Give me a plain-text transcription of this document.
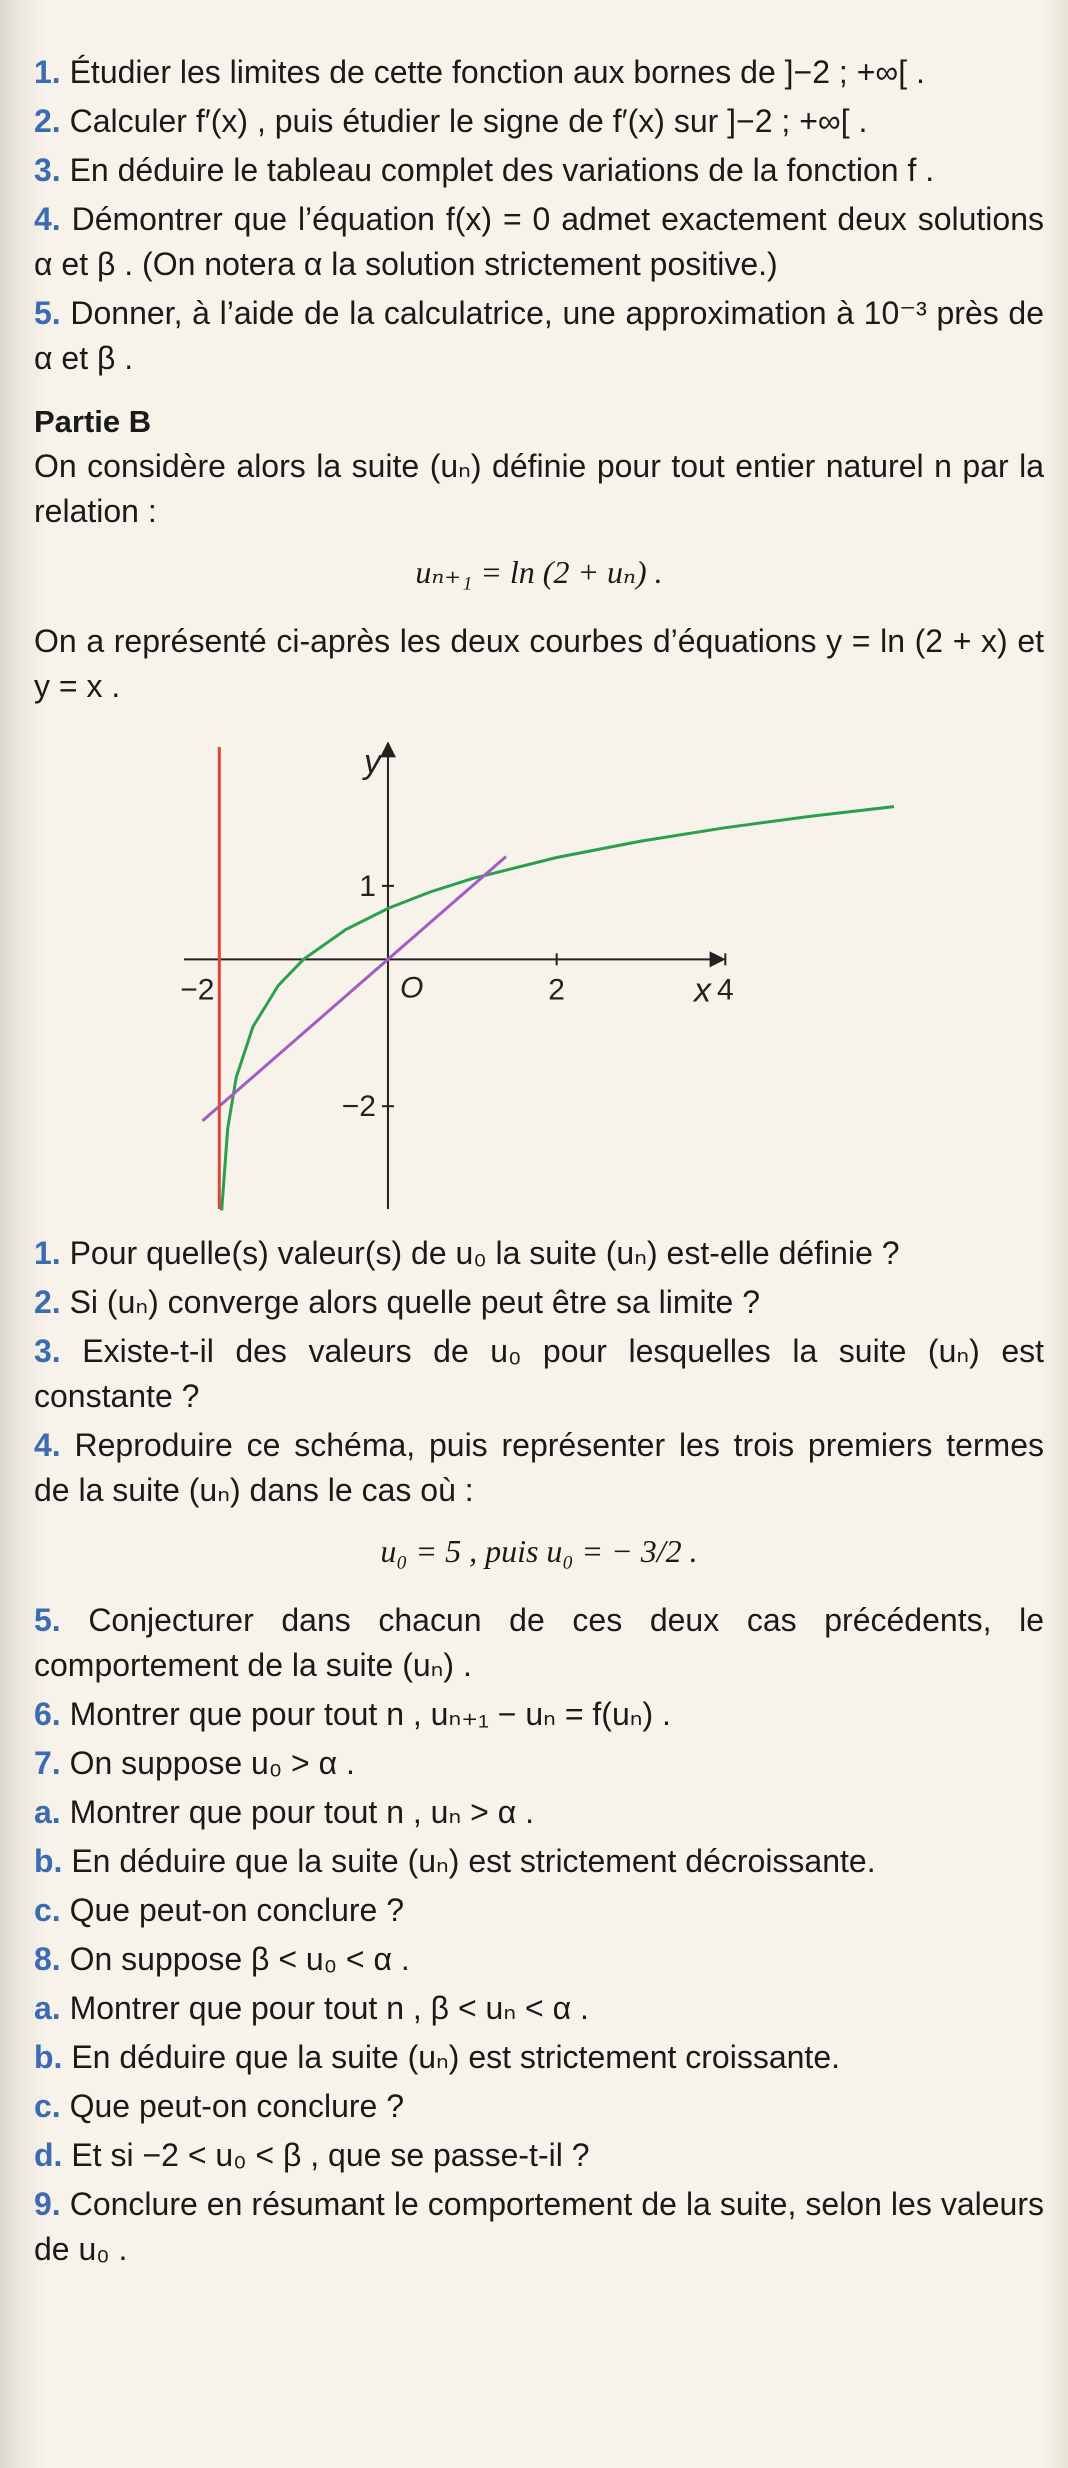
1. Étudier les limites de cette fonction aux bornes de ]−2 ; +∞[ .

2. Calculer f′(x) , puis étudier le signe de f′(x) sur ]−2 ; +∞[ .

3. En déduire le tableau complet des variations de la fonction f .

4. Démontrer que l’équation f(x) = 0 admet exactement deux solutions α et β . (On notera α la solution strictement positive.)

5. Donner, à l’aide de la calculatrice, une approximation à 10⁻³ près de α et β .

Partie B

On considère alors la suite (uₙ) définie pour tout entier naturel n par la relation :

uₙ₊₁ = ln (2 + uₙ) .

On a représenté ci-après les deux courbes d’équations y = ln (2 + x) et y = x .

−2	2	4
1
−2
O	x
y

1. Pour quelle(s) valeur(s) de u₀ la suite (uₙ) est-elle définie ?

2. Si (uₙ) converge alors quelle peut être sa limite ?

3. Existe-t-il des valeurs de u₀ pour lesquelles la suite (uₙ) est constante ?

4. Reproduire ce schéma, puis représenter les trois premiers termes de la suite (uₙ) dans le cas où :

u₀ = 5 , puis u₀ = − 3/2 .

5. Conjecturer dans chacun de ces deux cas précédents, le comportement de la suite (uₙ) .

6. Montrer que pour tout n , uₙ₊₁ − uₙ = f(uₙ) .

7. On suppose u₀ > α .

a. Montrer que pour tout n , uₙ > α .

b. En déduire que la suite (uₙ) est strictement décroissante.

c. Que peut-on conclure ?

8. On suppose β < u₀ < α .

a. Montrer que pour tout n , β < uₙ < α .

b. En déduire que la suite (uₙ) est strictement croissante.

c. Que peut-on conclure ?

d. Et si −2 < u₀ < β , que se passe-t-il ?

9. Conclure en résumant le comportement de la suite, selon les valeurs de u₀ .
